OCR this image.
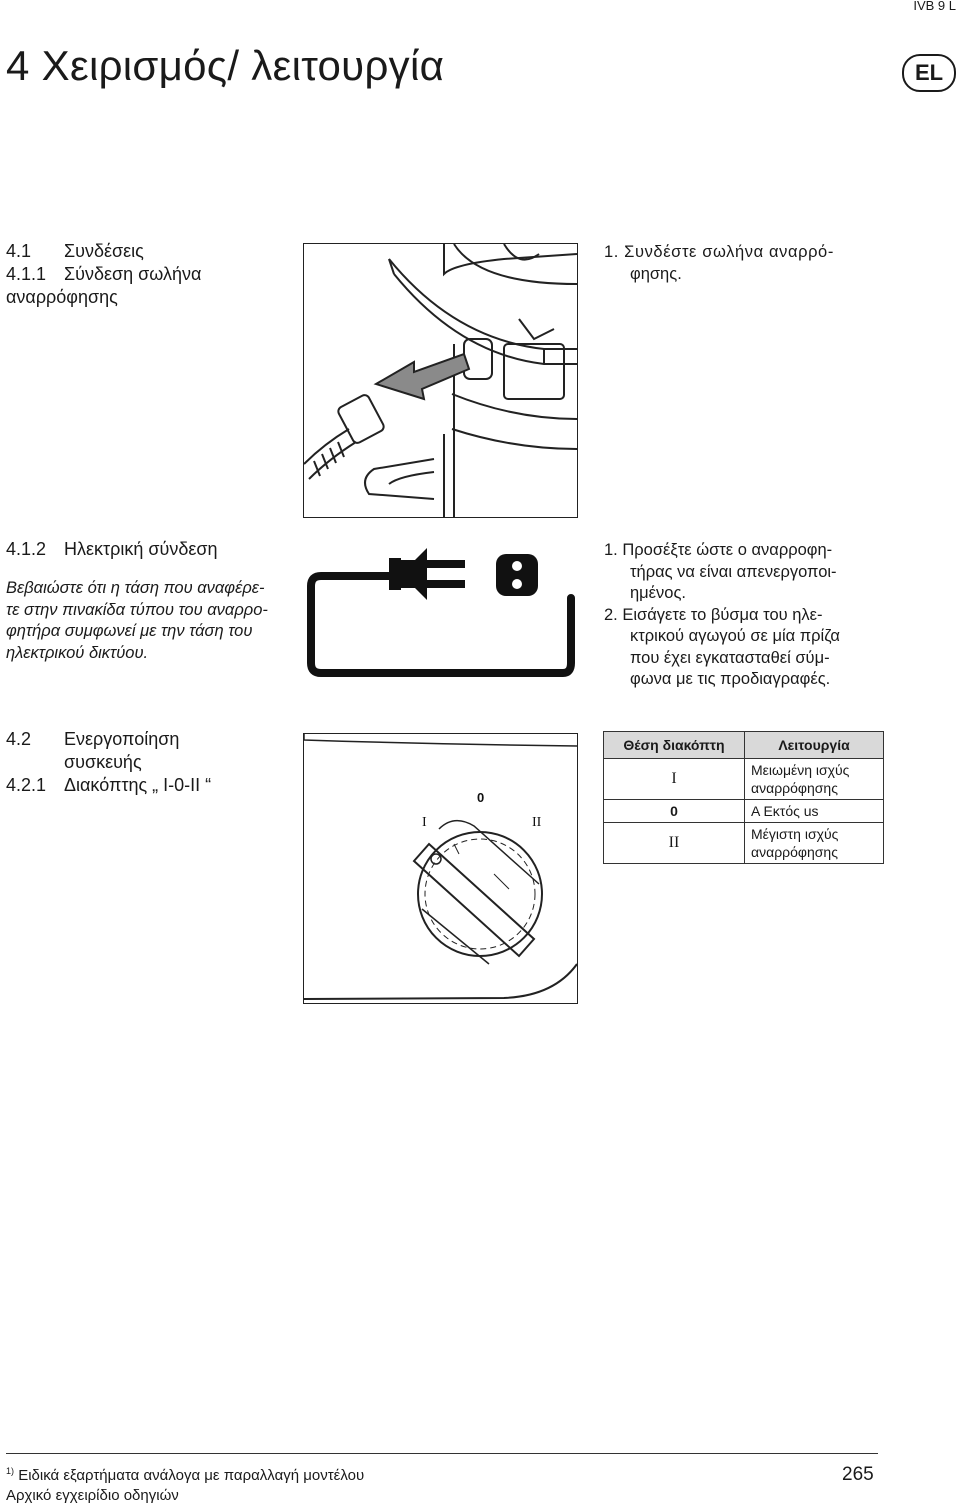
IVB 9 L
4 Χειρισμός/ λειτουργία	EL
4.1 Συνδέσεις
4.1.1 Σύνδεση σωλήνα
αναρρόφησης
1. Συνδέστε σωλήνα αναρρό-
φησης.
4.1.2 Ηλεκτρική σύνδεση
Βεβαιώστε ότι η τάση που αναφέρε-
τε στην πινακίδα τύπου του αναρρο-
φητήρα συμφωνεί με την τάση του
ηλεκτρικού δικτύου.
1. Προσέξτε ώστε ο αναρροφη-
τήρας να είναι απενεργοποι-
ημένος.
2. Εισάγετε το βύσμα του ηλε-
κτρικού αγωγού σε μία πρίζα
που έχει εγκατασταθεί σύμ-
φωνα με τις προδιαγραφές.
4.2 Ενεργοποίηση
συσκευής
4.2.1 Διακόπτης „ I-0-II “
I
0
II
Θέση διακόπτη	Λειτουργία
I	Μειωμένη ισχύς
αναρρόφησης

0	Α Εκτός us

II	Μέγιστη ισχύς
αναρρόφησης
$^{1)}$ Ειδικά εξαρτήματα ανάλογα με παραλλαγή μοντέλου
Αρχικό εγχειρίδιο οδηγιών
265
